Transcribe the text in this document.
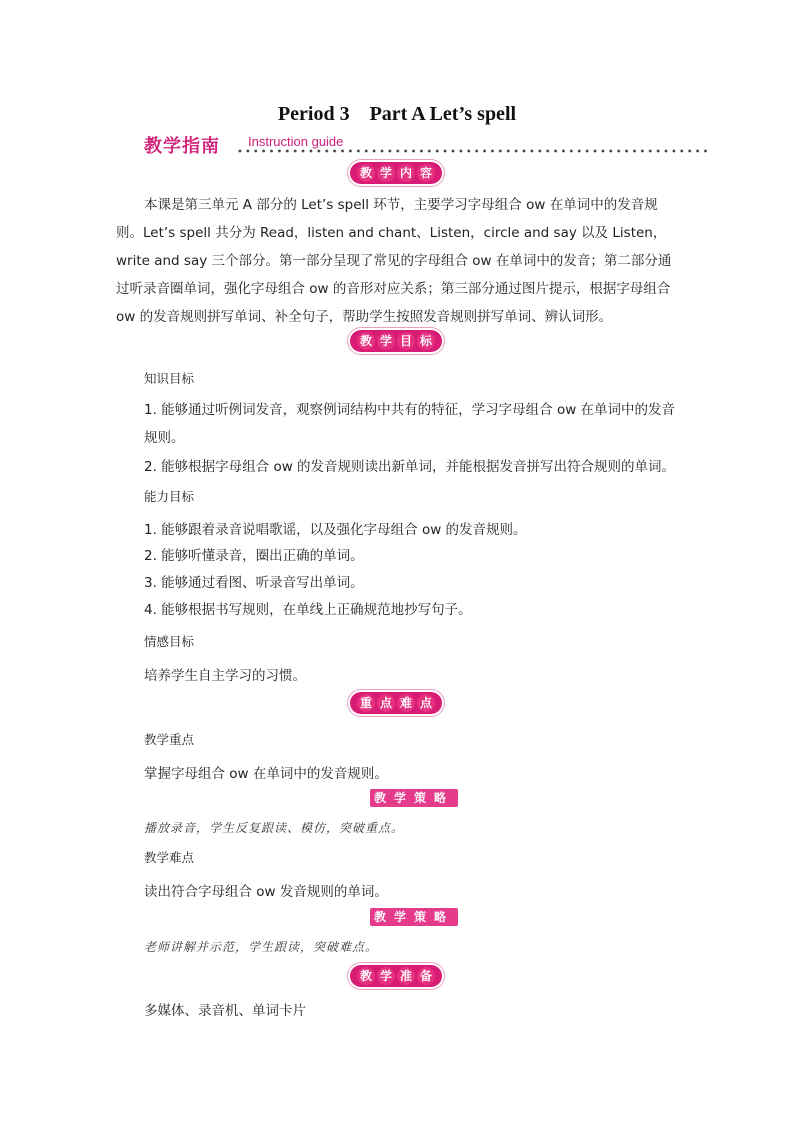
Period 3　Part A Let’s spell
教学指南 Instruction guide
教 学 内 容

本课是第三单元 A 部分的 Let’s spell 环节，主要学习字母组合 ow 在单词中的发音规则。Let’s spell 共分为 Read，listen and chant、Listen，circle and say 以及 Listen，write and say 三个部分。第一部分呈现了常见的字母组合 ow 在单词中的发音；第二部分通过听录音圈单词，强化字母组合 ow 的音形对应关系；第三部分通过图片提示，根据字母组合 ow 的发音规则拼写单词、补全句子，帮助学生按照发音规则拼写单词、辨认词形。

教 学 目 标
知识目标
1. 能够通过听例词发音，观察例词结构中共有的特征，学习字母组合 ow 在单词中的发音规则。
2. 能够根据字母组合 ow 的发音规则读出新单词，并能根据发音拼写出符合规则的单词。
能力目标
1. 能够跟着录音说唱歌谣，以及强化字母组合 ow 的发音规则。
2. 能够听懂录音，圈出正确的单词。
3. 能够通过看图、听录音写出单词。
4. 能够根据书写规则，在单线上正确规范地抄写句子。
情感目标
培养学生自主学习的习惯。
重 点 难 点
教学重点
掌握字母组合 ow 在单词中的发音规则。
教学策略
播放录音，学生反复跟读、模仿，突破重点。
教学难点
读出符合字母组合 ow 发音规则的单词。
教学策略
老师讲解并示范，学生跟读，突破难点。
教 学 准 备
多媒体、录音机、单词卡片
